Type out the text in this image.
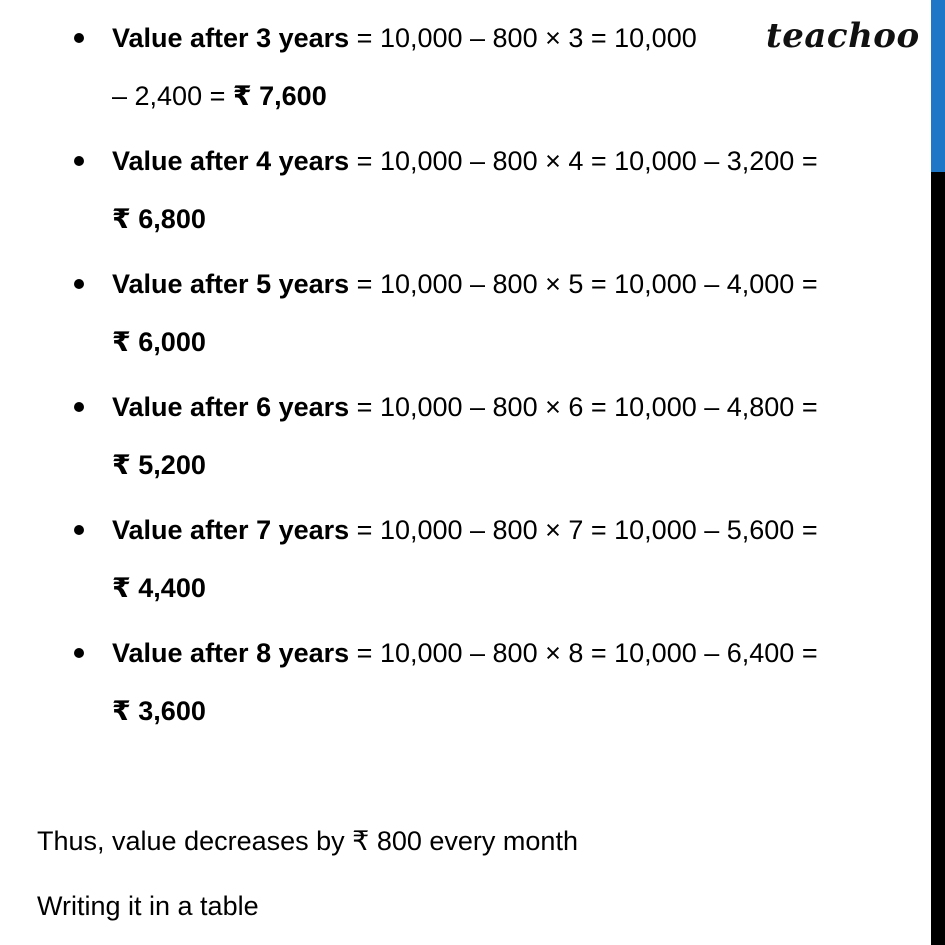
teachoo
Value after 3 years = 10,000 – 800 × 3 = 10,000
– 2,400 = ₹ 7,600
Value after 4 years = 10,000 – 800 × 4 = 10,000 – 3,200 =
₹ 6,800
Value after 5 years = 10,000 – 800 × 5 = 10,000 – 4,000 =
₹ 6,000
Value after 6 years = 10,000 – 800 × 6 = 10,000 – 4,800 =
₹ 5,200
Value after 7 years = 10,000 – 800 × 7 = 10,000 – 5,600 =
₹ 4,400
Value after 8 years = 10,000 – 800 × 8 = 10,000 – 6,400 =
₹ 3,600
Thus, value decreases by ₹ 800 every month
Writing it in a table
